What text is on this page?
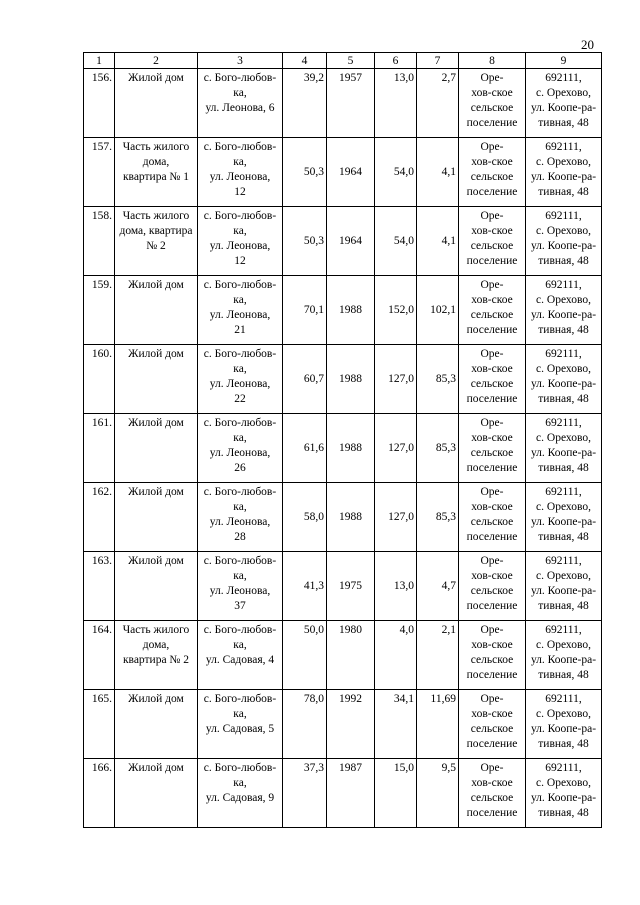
20
1	2	3	4	5	6	7	8	9
156.	Жилой дом	с. Бого-любов-
ка,
ул. Леонова, 6	39,2	1957	13,0	2,7	Оре-
хов-ское
сельское
поселение	692111,
с. Орехово,
ул. Коопе-ра-
тивная, 48
157.	Часть жилого
дома,
квартира № 1	с. Бого-любов-
ка,
ул. Леонова,
12	50,3	1964	54,0	4,1	Оре-
хов-ское
сельское
поселение	692111,
с. Орехово,
ул. Коопе-ра-
тивная, 48
158.	Часть жилого
дома, квартира
№ 2	с. Бого-любов-
ка,
ул. Леонова,
12	50,3	1964	54,0	4,1	Оре-
хов-ское
сельское
поселение	692111,
с. Орехово,
ул. Коопе-ра-
тивная, 48
159.	Жилой дом	с. Бого-любов-
ка,
ул. Леонова,
21	70,1	1988	152,0	102,1	Оре-
хов-ское
сельское
поселение	692111,
с. Орехово,
ул. Коопе-ра-
тивная, 48
160.	Жилой дом	с. Бого-любов-
ка,
ул. Леонова,
22	60,7	1988	127,0	85,3	Оре-
хов-ское
сельское
поселение	692111,
с. Орехово,
ул. Коопе-ра-
тивная, 48
161.	Жилой дом	с. Бого-любов-
ка,
ул. Леонова,
26	61,6	1988	127,0	85,3	Оре-
хов-ское
сельское
поселение	692111,
с. Орехово,
ул. Коопе-ра-
тивная, 48
162.	Жилой дом	с. Бого-любов-
ка,
ул. Леонова,
28	58,0	1988	127,0	85,3	Оре-
хов-ское
сельское
поселение	692111,
с. Орехово,
ул. Коопе-ра-
тивная, 48
163.	Жилой дом	с. Бого-любов-
ка,
ул. Леонова,
37	41,3	1975	13,0	4,7	Оре-
хов-ское
сельское
поселение	692111,
с. Орехово,
ул. Коопе-ра-
тивная, 48
164.	Часть жилого
дома,
квартира № 2	с. Бого-любов-
ка,
ул. Садовая, 4	50,0	1980	4,0	2,1	Оре-
хов-ское
сельское
поселение	692111,
с. Орехово,
ул. Коопе-ра-
тивная, 48
165.	Жилой дом	с. Бого-любов-
ка,
ул. Садовая, 5	78,0	1992	34,1	11,69	Оре-
хов-ское
сельское
поселение	692111,
с. Орехово,
ул. Коопе-ра-
тивная, 48
166.	Жилой дом	с. Бого-любов-
ка,
ул. Садовая, 9	37,3	1987	15,0	9,5	Оре-
хов-ское
сельское
поселение	692111,
с. Орехово,
ул. Коопе-ра-
тивная, 48
